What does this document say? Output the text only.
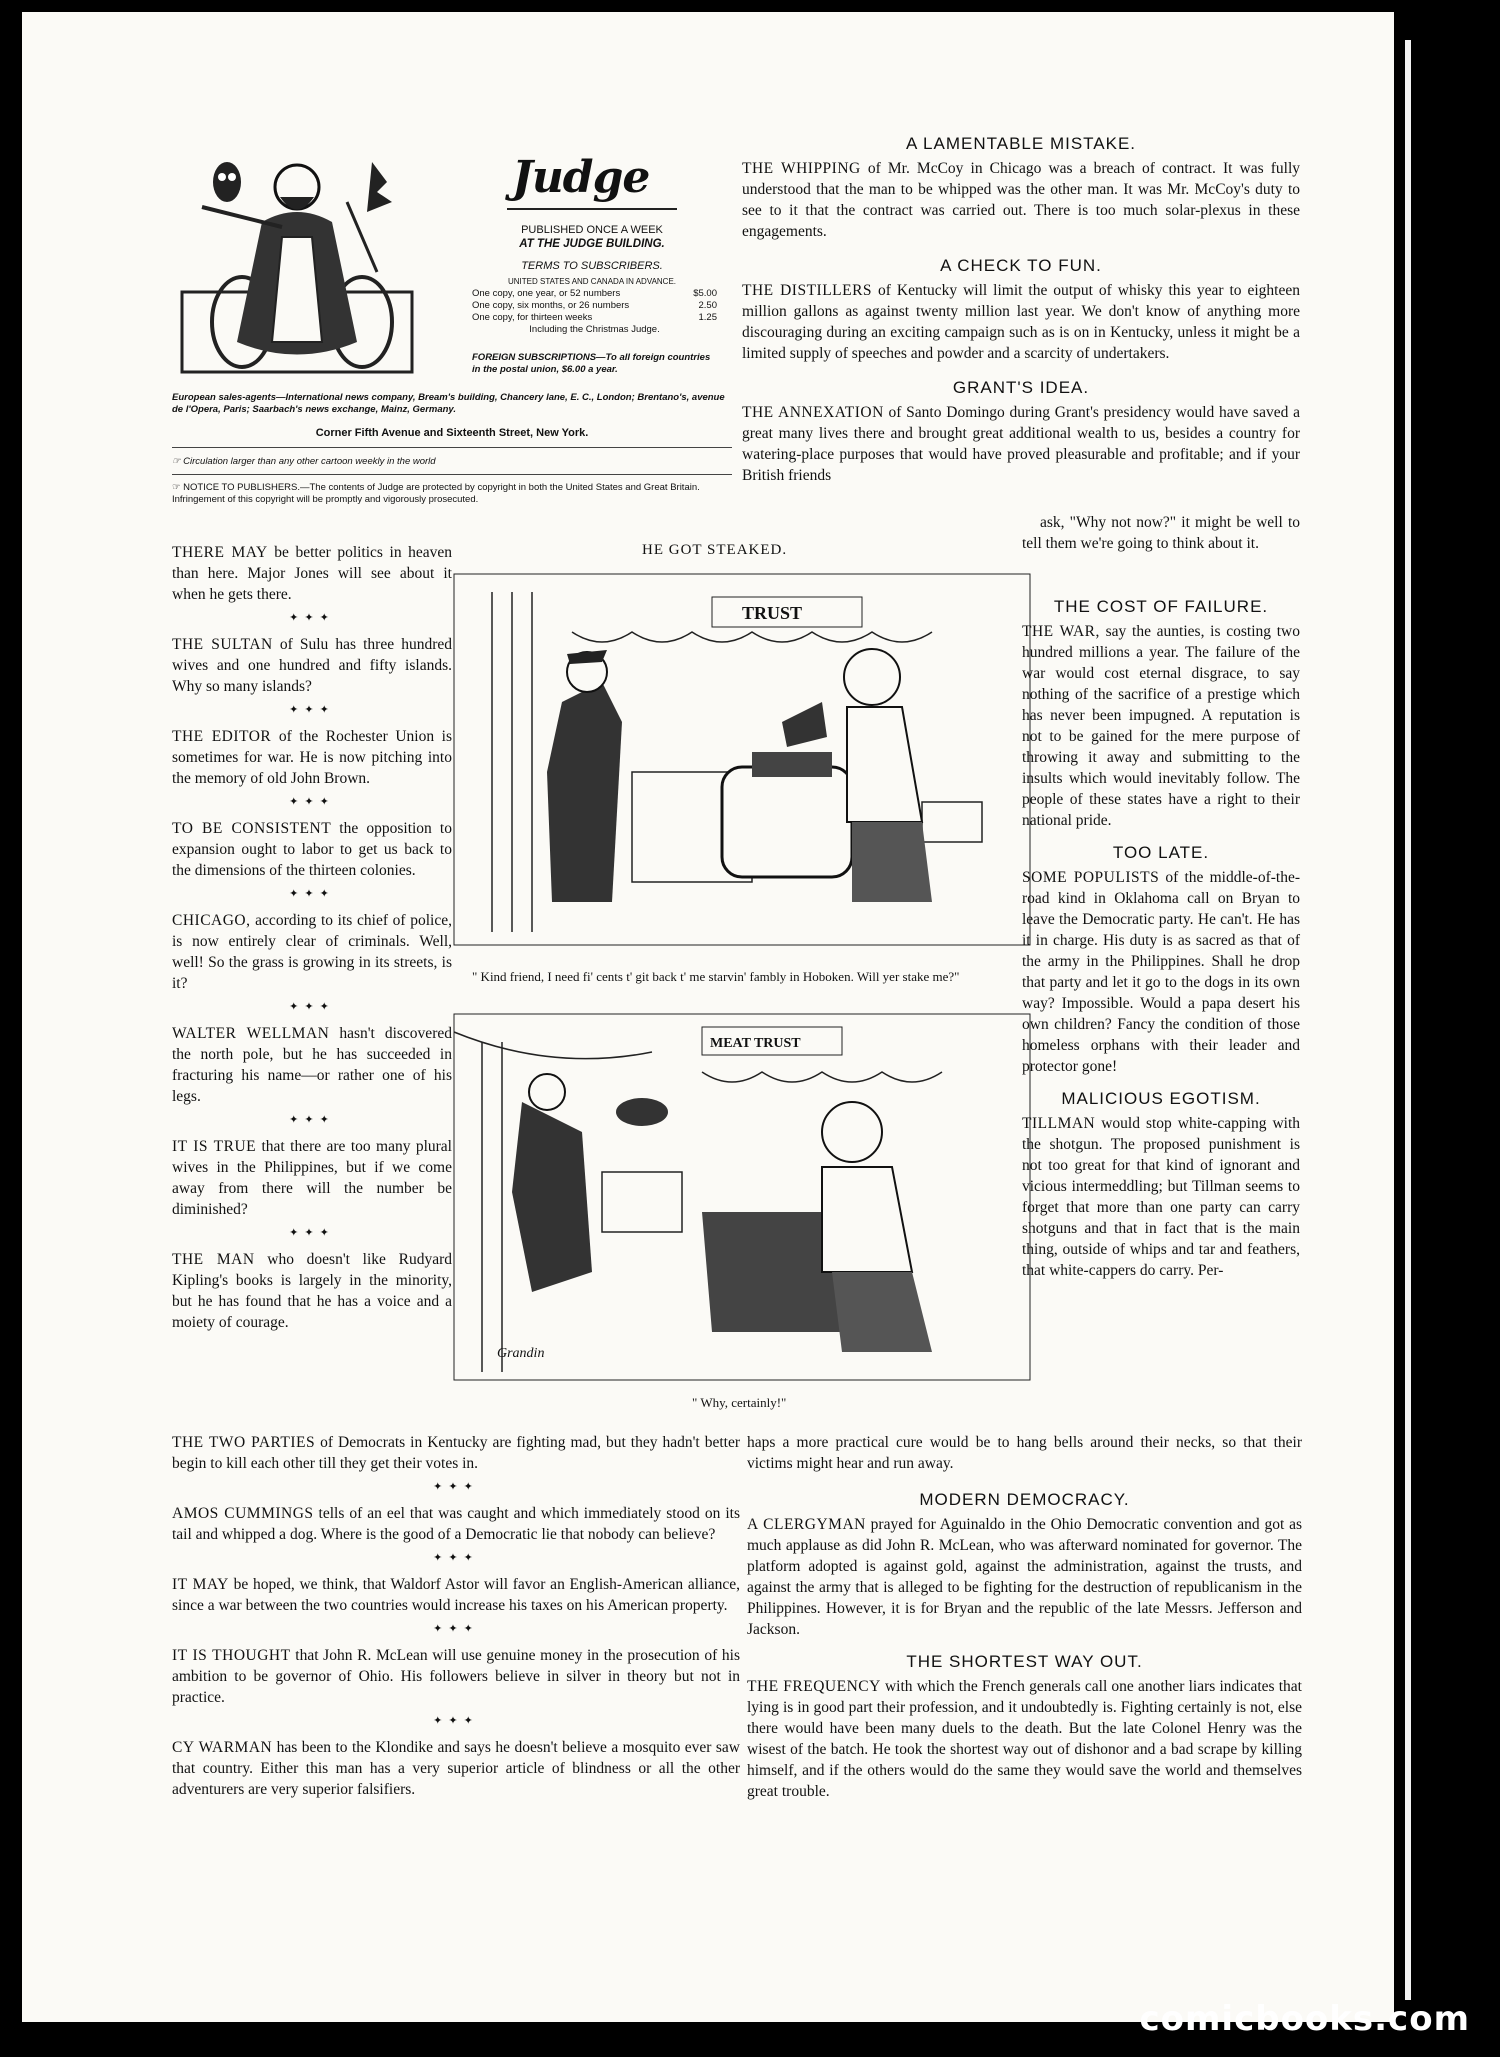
Judge
PUBLISHED ONCE A WEEK
AT THE JUDGE BUILDING.
TERMS TO SUBSCRIBERS.
UNITED STATES AND CANADA IN ADVANCE.
One copy, one year, or 52 numbers	$5.00
One copy, six months, or 26 numbers	2.50
One copy, for thirteen weeks	1.25
Including the Christmas Judge.
FOREIGN SUBSCRIPTIONS—To all foreign countries in the postal union, $6.00 a year.
European sales-agents—International news company, Bream's building, Chancery lane, E. C., London; Brentano's, avenue de l'Opera, Paris; Saarbach's news exchange, Mainz, Germany.
Corner Fifth Avenue and Sixteenth Street, New York.
☞ Circulation larger than any other cartoon weekly in the world
☞ NOTICE TO PUBLISHERS.—The contents of Judge are protected by copyright in both the United States and Great Britain. Infringement of this copyright will be promptly and vigorously prosecuted.
A LAMENTABLE MISTAKE.

THE WHIPPING of Mr. McCoy in Chicago was a breach of contract. It was fully understood that the man to be whipped was the other man. It was Mr. McCoy's duty to see to it that the contract was carried out. There is too much solar-plexus in these engagements.

A CHECK TO FUN.

THE DISTILLERS of Kentucky will limit the output of whisky this year to eighteen million gallons as against twenty million last year. We don't know of anything more discouraging during an exciting campaign such as is on in Kentucky, unless it might be a limited supply of speeches and powder and a scarcity of undertakers.

GRANT'S IDEA.

THE ANNEXATION of Santo Domingo during Grant's presidency would have saved a great many lives there and brought great additional wealth to us, besides a country for watering-place purposes that would have proved pleasurable and profitable; and if your British friends

THERE MAY be better politics in heaven than here. Major Jones will see about it when he gets there.

✦✦✦

THE SULTAN of Sulu has three hundred wives and one hundred and fifty islands. Why so many islands?

✦✦✦

THE EDITOR of the Rochester Union is sometimes for war. He is now pitching into the memory of old John Brown.

✦✦✦

TO BE CONSISTENT the opposition to expansion ought to labor to get us back to the dimensions of the thirteen colonies.

✦✦✦

CHICAGO, according to its chief of police, is now entirely clear of criminals. Well, well! So the grass is growing in its streets, is it?

✦✦✦

WALTER WELLMAN hasn't discovered the north pole, but he has succeeded in fracturing his name—or rather one of his legs.

✦✦✦

IT IS TRUE that there are too many plural wives in the Philippines, but if we come away from there will the number be diminished?

✦✦✦

THE MAN who doesn't like Rudyard Kipling's books is largely in the minority, but he has found that he has a voice and a moiety of courage.

HE GOT STEAKED.
TRUST
" Kind friend, I need fi' cents t' git back t' me starvin' fambly in Hoboken. Will yer stake me?"
MEAT TRUST
Grandin
" Why, certainly!"

ask, "Why not now?" it might be well to tell them we're going to think about it.

THE COST OF FAILURE.

THE WAR, say the aunties, is costing two hundred millions a year. The failure of the war would cost eternal disgrace, to say nothing of the sacrifice of a prestige which has never been impugned. A reputation is not to be gained for the mere purpose of throwing it away and submitting to the insults which would inevitably follow. The people of these states have a right to their national pride.

TOO LATE.

SOME POPULISTS of the middle-of-the-road kind in Oklahoma call on Bryan to leave the Democratic party. He can't. He has it in charge. His duty is as sacred as that of the army in the Philippines. Shall he drop that party and let it go to the dogs in its own way? Impossible. Would a papa desert his own children? Fancy the condition of those homeless orphans with their leader and protector gone!

MALICIOUS EGOTISM.

TILLMAN would stop white-capping with the shotgun. The proposed punishment is not too great for that kind of ignorant and vicious intermeddling; but Tillman seems to forget that more than one party can carry shotguns and that in fact that is the main thing, outside of whips and tar and feathers, that white-cappers do carry. Per-

THE TWO PARTIES of Democrats in Kentucky are fighting mad, but they hadn't better begin to kill each other till they get their votes in.

✦✦✦

AMOS CUMMINGS tells of an eel that was caught and which immediately stood on its tail and whipped a dog. Where is the good of a Democratic lie that nobody can believe?

✦✦✦

IT MAY be hoped, we think, that Waldorf Astor will favor an English-American alliance, since a war between the two countries would increase his taxes on his American property.

✦✦✦

IT IS THOUGHT that John R. McLean will use genuine money in the prosecution of his ambition to be governor of Ohio. His followers believe in silver in theory but not in practice.

✦✦✦

CY WARMAN has been to the Klondike and says he doesn't believe a mosquito ever saw that country. Either this man has a very superior article of blindness or all the other adventurers are very superior falsifiers.

haps a more practical cure would be to hang bells around their necks, so that their victims might hear and run away.

MODERN DEMOCRACY.

A CLERGYMAN prayed for Aguinaldo in the Ohio Democratic convention and got as much applause as did John R. McLean, who was afterward nominated for governor. The platform adopted is against gold, against the administration, against the trusts, and against the army that is alleged to be fighting for the destruction of republicanism in the Philippines. However, it is for Bryan and the republic of the late Messrs. Jefferson and Jackson.

THE SHORTEST WAY OUT.

THE FREQUENCY with which the French generals call one another liars indicates that lying is in good part their profession, and it undoubtedly is. Fighting certainly is not, else there would have been many duels to the death. But the late Colonel Henry was the wisest of the batch. He took the shortest way out of dishonor and a bad scrape by killing himself, and if the others would do the same they would save the world and themselves great trouble.

comicbooks.com
